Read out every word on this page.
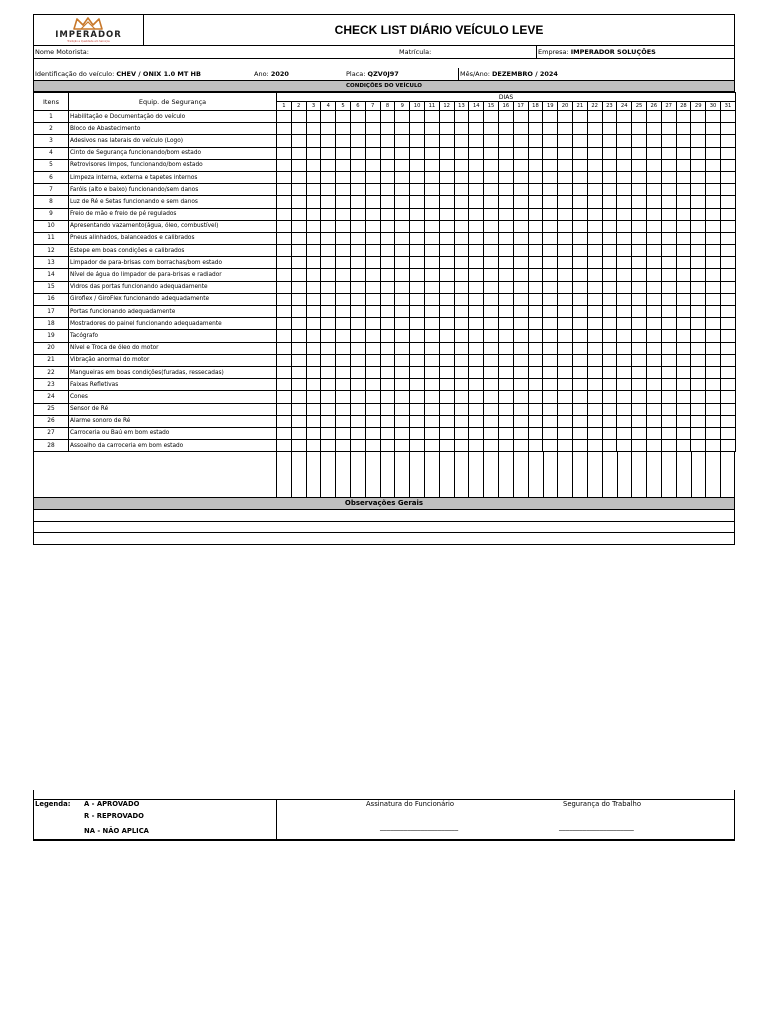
IMPERADOR
Tradição e Qualidade em Serviços
CHECK LIST DIÁRIO VEÍCULO LEVE
Nome Motorista:	Matrícula:	Empresa: IMPERADOR SOLUÇÕES
Identificação do veículo: CHEV / ONIX 1.0 MT HB	Ano: 2020	Placa: QZV0J97	Mês/Ano: DEZEMBRO / 2024
CONDIÇÕES DO VEÍCULO
Itens	Equip. de Segurança	DIAS																														
		1	2	3	4	5	6	7	8	9	10	11	12	13	14	15	16	17	18	19	20	21	22	23	24	25	26	27	28	29	30	31
1	Habilitação e Documentação do veículo																															
2	Bloco de Abastecimento																															
3	Adesivos nas laterais do veículo (Logo)																															
4	Cinto de Segurança funcionando/bom estado																															
5	Retrovisores limpos, funcionando/bom estado																															
6	Limpeza interna, externa e tapetes internos																															
7	Faróis (alto e baixo) funcionando/sem danos																															
8	Luz de Ré e Setas funcionando e sem danos																															
9	Freio de mão e freio de pé regulados																															
10	Apresentando vazamento(água, óleo, combustível)																															
11	Pneus alinhados, balanceados e calibrados																															
12	Estepe em boas condições e calibrados																															
13	Limpador de para-brisas com borrachas/bom estado																															
14	Nível de água do limpador de para-brisas e radiador																															
15	Vidros das portas funcionando adequadamente																															
16	Giroflex / GiroFlex funcionando adequadamente																															
17	Portas funcionando adequadamente																															
18	Mostradores do painel funcionando adequadamente																															
19	Tacógrafo																															
20	Nível e Troca de óleo do motor																															
21	Vibração anormal do motor																															
22	Mangueiras em boas condições(furadas, ressecadas)																															
23	Faixas Refletivas																															
24	Cones																															
25	Sensor de Ré																															
26	Alarme sonoro de Ré																															
27	Carroceria ou Baú em bom estado																															
28	Assoalho da carroceria em bom estado																															
Observações Gerais
Legenda: A - APROVADO
R - REPROVADO
NA - NÃO APLICA
Assinatura do Funcionário	Segurança do Trabalho
_______________________	______________________
